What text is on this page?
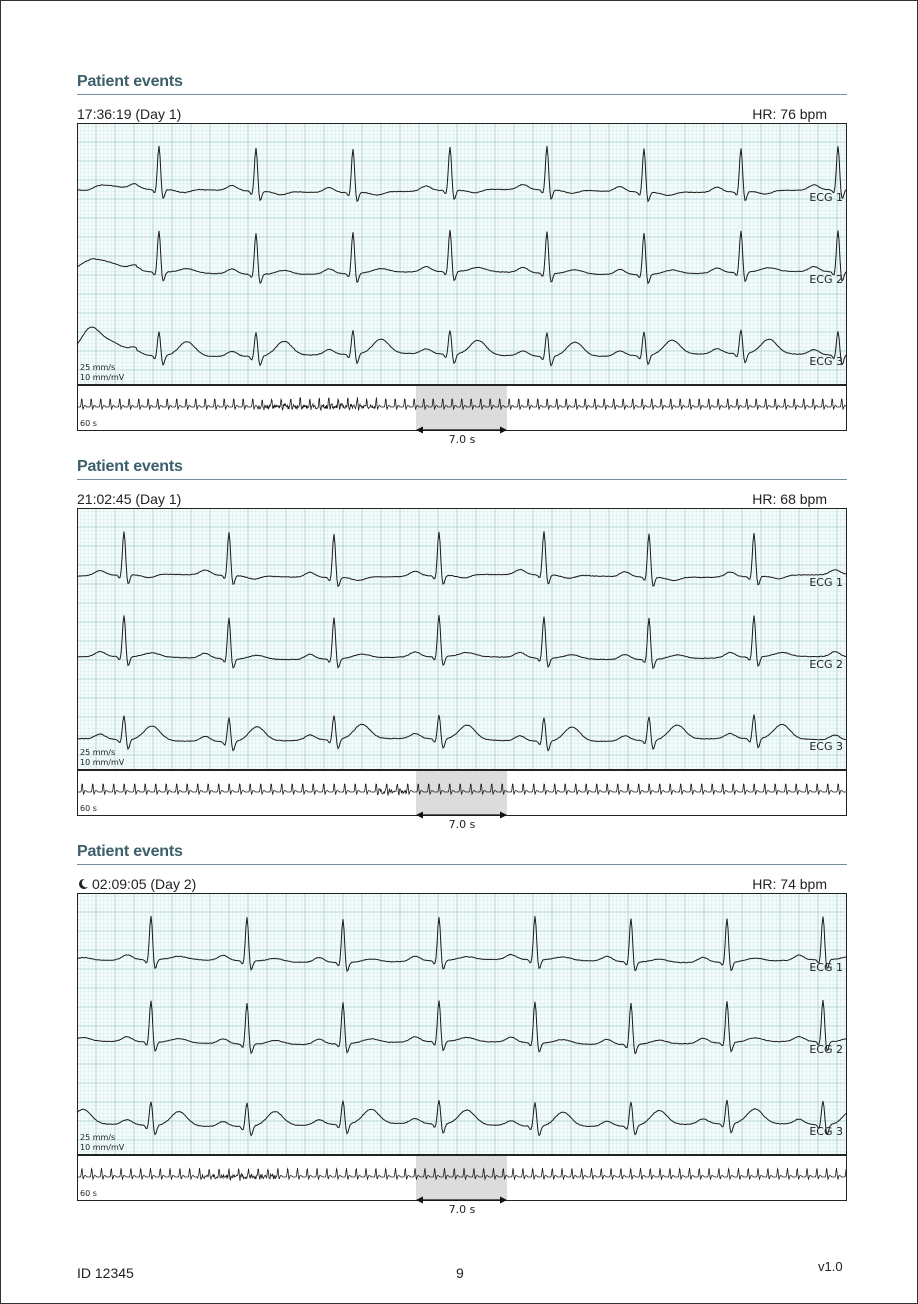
Patient events
17:36:19 (Day 1)	HR: 76 bpm
ECG 1
ECG 2
ECG 3
25 mm/s
10 mm/mV
60 s
7.0 s
Patient events
21:02:45 (Day 1)	HR: 68 bpm
ECG 1
ECG 2
ECG 3
25 mm/s
10 mm/mV
60 s
7.0 s
Patient events
02:09:05 (Day 2)	HR: 74 bpm
ECG 1
ECG 2
ECG 3
25 mm/s
10 mm/mV
60 s
7.0 s
ID 12345	9	v1.0
